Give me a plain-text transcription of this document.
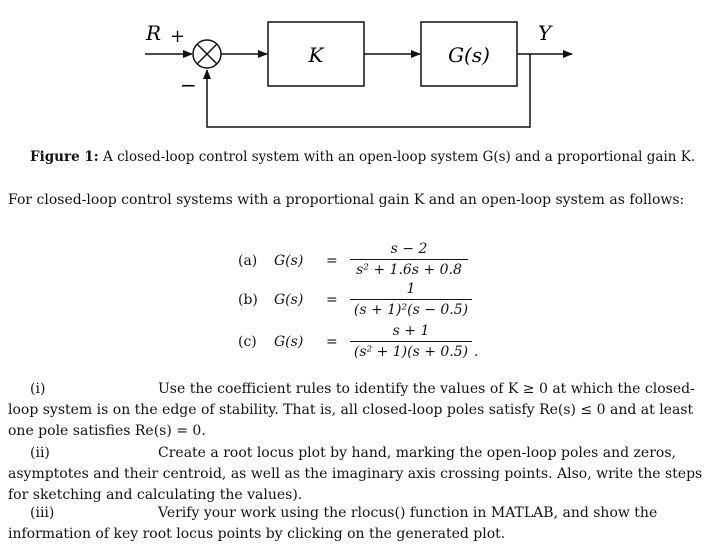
R +
−
K	G(s)
Y
Figure 1: A closed-loop control system with an open-loop system G(s) and a proportional gain K.
For closed-loop control systems with a proportional gain K and an open-loop system as follows:
(a) G(s) =
s − 2
s² + 1.6s + 0.8
(b) G(s) =
1
(s + 1)²(s − 0.5)
(c) G(s) =
s + 1
(s² + 1)(s + 0.5) .
(i)	Use the coefficient rules to identify the values of K ≥ 0 at which the closed-loop system is on the edge of stability. That is, all closed-loop poles satisfy Re(s) ≤ 0 and at least one pole satisfies Re(s) = 0.
(ii)	Create a root locus plot by hand, marking the open-loop poles and zeros, asymptotes and their centroid, as well as the imaginary axis crossing points. Also, write the steps for sketching and calculating the values).
(iii)	Verify your work using the rlocus() function in MATLAB, and show the information of key root locus points by clicking on the generated plot.
